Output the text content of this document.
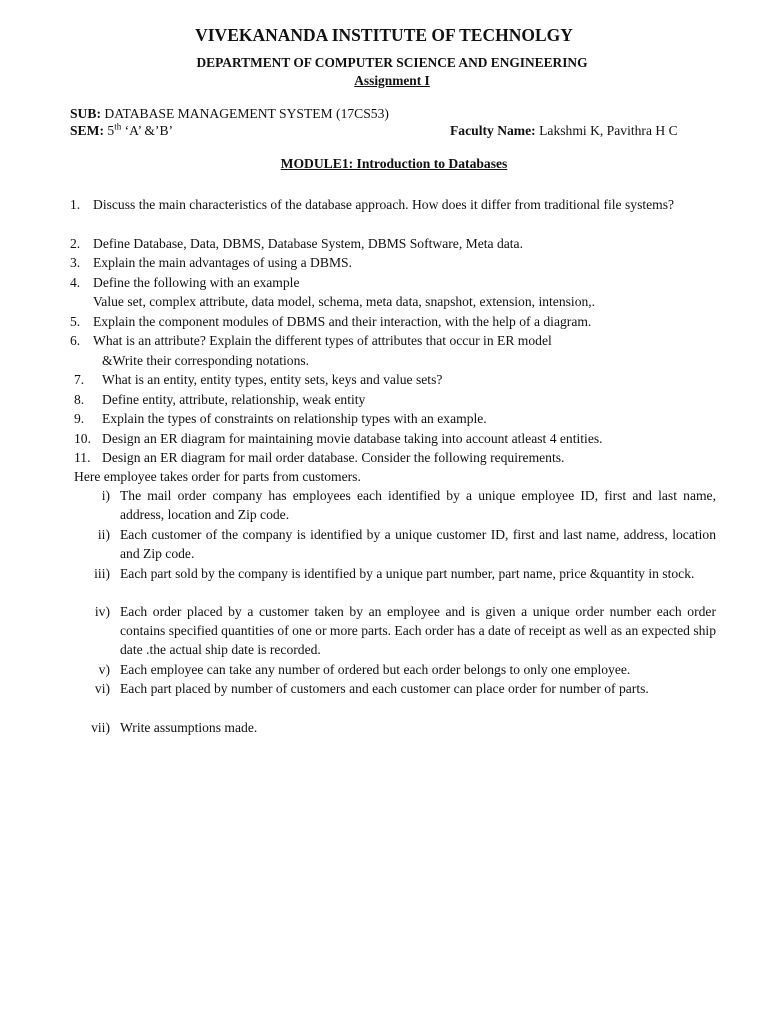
VIVEKANANDA INSTITUTE OF TECHNOLGY
DEPARTMENT OF COMPUTER SCIENCE AND ENGINEERING
Assignment I
SUB: DATABASE MANAGEMENT SYSTEM (17CS53)
SEM: 5th ‘A’ &’B’	Faculty Name: Lakshmi K, Pavithra H C
MODULE1: Introduction to Databases
1. Discuss the main characteristics of the database approach. How does it differ from traditional file systems?
2. Define Database, Data, DBMS, Database System, DBMS Software, Meta data.
3. Explain the main advantages of using a DBMS.
4. Define the following with an example
Value set, complex attribute, data model, schema, meta data, snapshot, extension, intension,.
5. Explain the component modules of DBMS and their interaction, with the help of a diagram.
6. What is an attribute? Explain the different types of attributes that occur in ER model
&Write their corresponding notations.
7. What is an entity, entity types, entity sets, keys and value sets?
8. Define entity, attribute, relationship, weak entity
9. Explain the types of constraints on relationship types with an example.
10. Design an ER diagram for maintaining movie database taking into account atleast 4 entities.
11. Design an ER diagram for mail order database. Consider the following requirements.
Here employee takes order for parts from customers.
i) The mail order company has employees each identified by a unique employee ID, first and last name, address, location and Zip code.
ii) Each customer of the company is identified by a unique customer ID, first and last name, address, location and Zip code.
iii) Each part sold by the company is identified by a unique part number, part name, price &quantity in stock.
iv) Each order placed by a customer taken by an employee and is given a unique order number each order contains specified quantities of one or more parts. Each order has a date of receipt as well as an expected ship date .the actual ship date is recorded.
v) Each employee can take any number of ordered but each order belongs to only one employee.
vi) Each part placed by number of customers and each customer can place order for number of parts.
vii) Write assumptions made.
